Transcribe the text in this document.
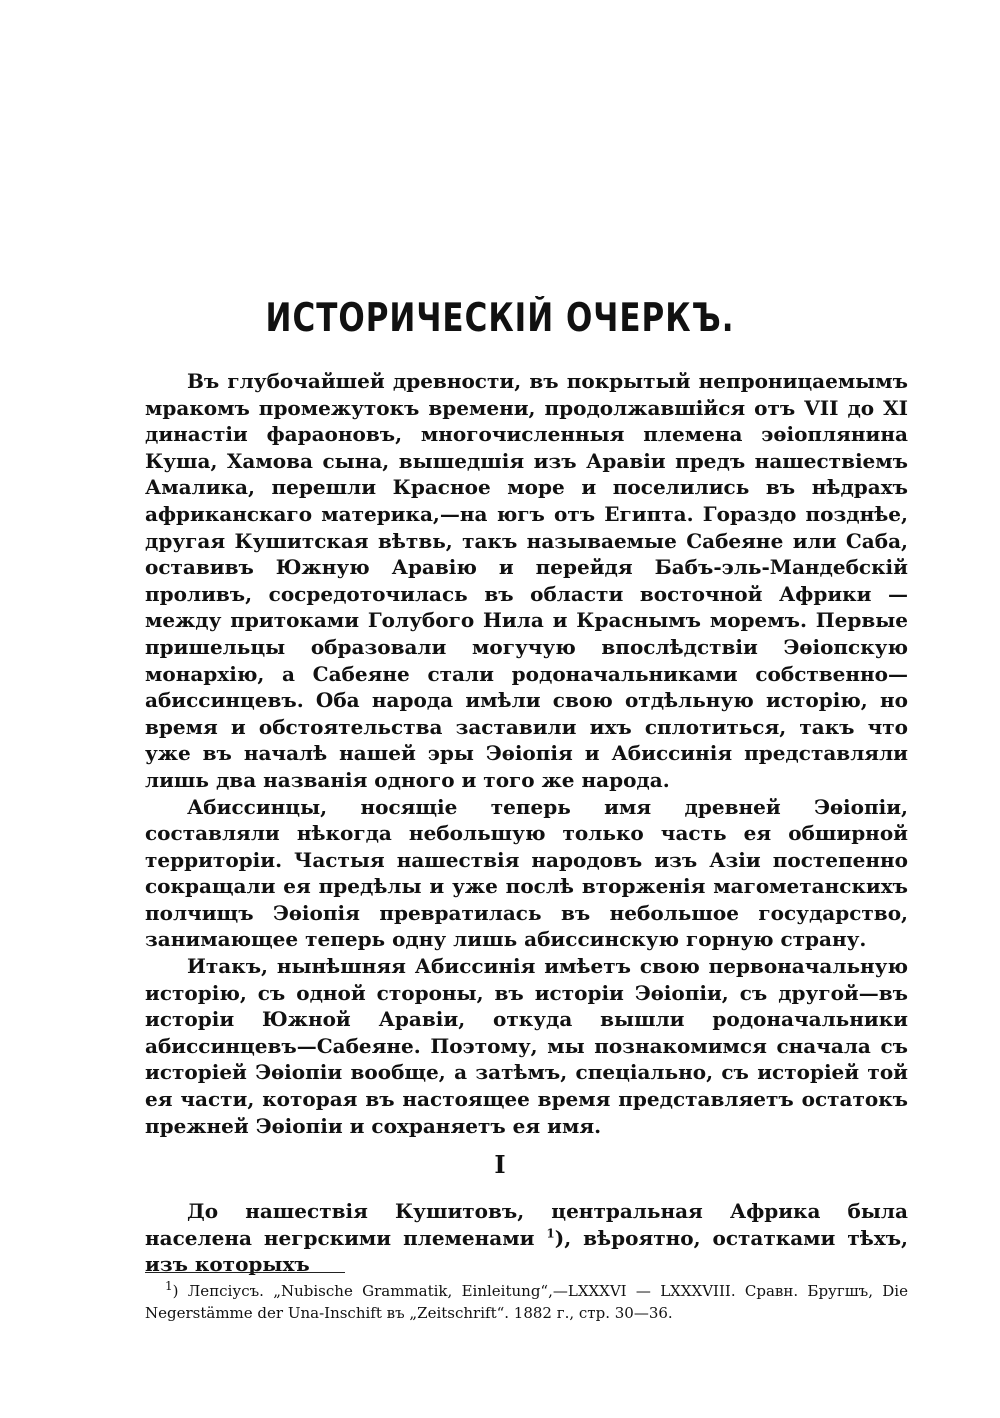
ИСТОРИЧЕСКІЙ ОЧЕРКЪ.

Въ глубочайшей древности, въ покрытый непроницаемымъ мракомъ промежутокъ времени, продолжавшійся отъ VII до XI династіи фараоновъ, многочисленныя племена эѳіоплянина Куша, Хамова сына, вышедшія изъ Аравіи предъ нашествіемъ Амалика, перешли Красное море и поселились въ нѣдрахъ африканскаго материка,—на югъ отъ Египта. Гораздо позднѣе, другая Кушитская вѣтвь, такъ называемые Сабеяне или Саба, оставивъ Южную Аравію и перейдя Бабъ-эль-Мандебскій проливъ, сосредоточилась въ области восточной Африки — между притоками Голубого Нила и Краснымъ моремъ. Первые пришельцы образовали могучую впослѣдствіи Эѳіопскую монархію, а Сабеяне стали родоначальниками собственно—абиссинцевъ. Оба народа имѣли свою отдѣльную исторію, но время и обстоятельства заставили ихъ сплотиться, такъ что уже въ началѣ нашей эры Эѳіопія и Абиссинія представляли лишь два названія одного и того же народа.

Абиссинцы, носящіе теперь имя древней Эѳіопіи, составляли нѣкогда небольшую только часть ея обширной территоріи. Частыя нашествія народовъ изъ Азіи постепенно сокращали ея предѣлы и уже послѣ вторженія магометанскихъ полчищъ Эѳіопія превратилась въ небольшое государство, занимающее теперь одну лишь абиссинскую горную страну.

Итакъ, нынѣшняя Абиссинія имѣетъ свою первоначальную исторію, съ одной стороны, въ исторіи Эѳіопіи, съ другой—въ исторіи Южной Аравіи, откуда вышли родоначальники абиссинцевъ—Сабеяне. Поэтому, мы познакомимся сначала съ исторіей Эѳіопіи вообще, а затѣмъ, спеціально, съ исторіей той ея части, которая въ настоящее время представляетъ остатокъ прежней Эѳіопіи и сохраняетъ ея имя.

I

До нашествія Кушитовъ, центральная Африка была населена негрскими племенами $^1$), вѣроятно, остатками тѣхъ, изъ которыхъ

$^1$) Лепсіусъ. „Nubische Grammatik, Einleitung“,—LXXXVI — LXXXVIII. Сравн. Бругшъ, Die Negerstämme der Una-Inschift въ „Zeitschrift“. 1882 г., стр. 30—36.
